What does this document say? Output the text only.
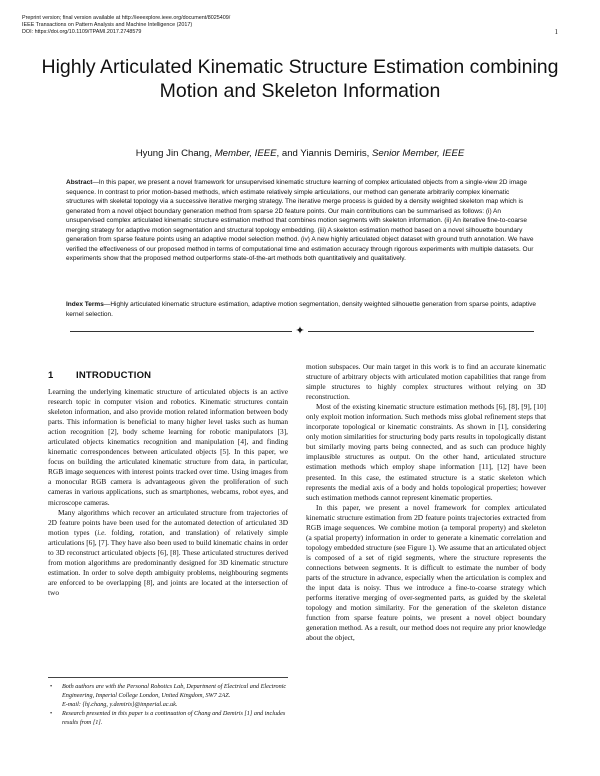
Preprint version; final version available at http://ieeexplore.ieee.org/document/8025409/
IEEE Transactions on Pattern Analysis and Machine Intelligence (2017)
DOI: https://doi.org/10.1109/TPAMI.2017.2748579	1
Highly Articulated Kinematic Structure Estimation combining Motion and Skeleton Information
Hyung Jin Chang, Member, IEEE, and Yiannis Demiris, Senior Member, IEEE
Abstract—In this paper, we present a novel framework for unsupervised kinematic structure learning of complex articulated objects from a single-view 2D image sequence. In contrast to prior motion-based methods, which estimate relatively simple articulations, our method can generate arbitrarily complex kinematic structures with skeletal topology via a successive iterative merging strategy. The iterative merge process is guided by a density weighted skeleton map which is generated from a novel object boundary generation method from sparse 2D feature points. Our main contributions can be summarised as follows: (i) An unsupervised complex articulated kinematic structure estimation method that combines motion segments with skeleton information. (ii) An iterative fine-to-coarse merging strategy for adaptive motion segmentation and structural topology embedding. (iii) A skeleton estimation method based on a novel silhouette boundary generation from sparse feature points using an adaptive model selection method. (iv) A new highly articulated object dataset with ground truth annotation. We have verified the effectiveness of our proposed method in terms of computational time and estimation accuracy through rigorous experiments with multiple datasets. Our experiments show that the proposed method outperforms state-of-the-art methods both quantitatively and qualitatively.
Index Terms—Highly articulated kinematic structure estimation, adaptive motion segmentation, density weighted silhouette generation from sparse points, adaptive kernel selection.
✦
1 INTRODUCTION

Learning the underlying kinematic structure of articulated objects is an active research topic in computer vision and robotics. Kinematic structures contain skeleton information, and also provide motion related information between body parts. This information is beneficial to many higher level tasks such as human action recognition [2], body scheme learning for robotic manipulators [3], articulated objects kinematics recognition and manipulation [4], and finding kinematic correspondences between articulated objects [5]. In this paper, we focus on building the articulated kinematic structure from data, in particular, RGB image sequences with interest points tracked over time. Using images from a monocular RGB camera is advantageous given the proliferation of such cameras in various applications, such as smartphones, webcams, robot eyes, and microscope cameras.

Many algorithms which recover an articulated structure from trajectories of 2D feature points have been used for the automated detection of articulated 3D motion types (i.e. folding, rotation, and translation) of relatively simple articulations [6], [7]. They have also been used to build kinematic chains in order to 3D reconstruct articulated objects [6], [8]. These articulated structures derived from motion algorithms are predominantly designed for 3D kinematic structure estimation. In order to solve depth ambiguity problems, neighbouring segments are enforced to be overlapping [8], and joints are located at the intersection of two

• Both authors are with the Personal Robotics Lab, Department of Electrical and Electronic Engineering, Imperial College London, United Kingdom, SW7 2AZ.
E-mail: {hj.chang, y.demiris}@imperial.ac.uk.
• Research presented in this paper is a continuation of Chang and Demiris [1] and includes results from [1].

motion subspaces. Our main target in this work is to find an accurate kinematic structure of arbitrary objects with articulated motion capabilities that range from simple structures to highly complex structures without relying on 3D reconstruction.

Most of the existing kinematic structure estimation methods [6], [8], [9], [10] only exploit motion information. Such methods miss global refinement steps that incorporate topological or kinematic constraints. As shown in [1], considering only motion similarities for structuring body parts results in topologically distant but similarly moving parts being connected, and as such can produce highly implausible structures as output. On the other hand, articulated structure estimation methods which employ shape information [11], [12] have been presented. In this case, the estimated structure is a static skeleton which represents the medial axis of a body and holds topological properties; however such estimation methods cannot represent kinematic properties.

In this paper, we present a novel framework for complex articulated kinematic structure estimation from 2D feature points trajectories extracted from RGB image sequences. We combine motion (a temporal property) and skeleton (a spatial property) information in order to generate a kinematic correlation and topology embedded structure (see Figure 1). We assume that an articulated object is composed of a set of rigid segments, where the structure represents the connections between segments. It is difficult to estimate the number of body parts of the structure in advance, especially when the articulation is complex and the input data is noisy. Thus we introduce a fine-to-coarse strategy which performs iterative merging of over-segmented parts, as guided by the skeletal topology and motion similarity. For the generation of the skeleton distance function from sparse feature points, we present a novel object boundary generation method. As a result, our method does not require any prior knowledge about the object,
